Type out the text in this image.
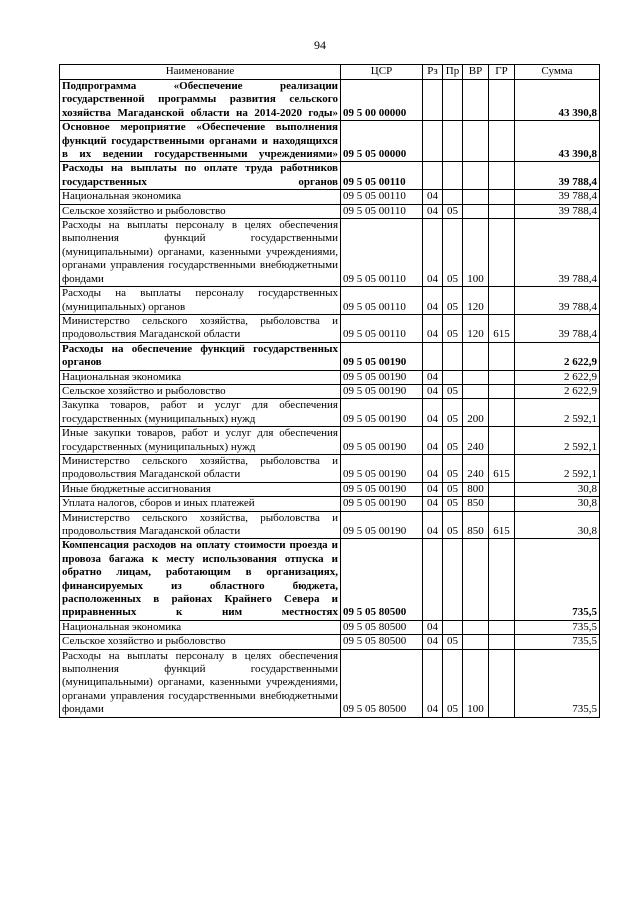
94
Наименование	ЦСР	Рз	Пр	ВР	ГР	Сумма
Подпрограмма «Обеспечение реализации государственной программы развития сельского хозяйства Магаданской области на 2014-2020 годы»	09 5 00 00000					43 390,8
Основное мероприятие «Обеспечение выполнения функций государственными органами и находящихся в их ведении государственными учреждениями»	09 5 05 00000					43 390,8
Расходы на выплаты по оплате труда работников государственных органов	09 5 05 00110					39 788,4
Национальная экономика	09 5 05 00110	04				39 788,4
Сельское хозяйство и рыболовство	09 5 05 00110	04	05			39 788,4
Расходы на выплаты персоналу в целях обеспечения выполнения функций государственными (муниципальными) органами, казенными учреждениями, органами управления государственными внебюджетными фондами	09 5 05 00110	04	05	100		39 788,4
Расходы на выплаты персоналу государственных (муниципальных) органов	09 5 05 00110	04	05	120		39 788,4
Министерство сельского хозяйства, рыболовства и продовольствия Магаданской области	09 5 05 00110	04	05	120	615	39 788,4
Расходы на обеспечение функций государственных органов	09 5 05 00190					2 622,9
Национальная экономика	09 5 05 00190	04				2 622,9
Сельское хозяйство и рыболовство	09 5 05 00190	04	05			2 622,9
Закупка товаров, работ и услуг для обеспечения государственных (муниципальных) нужд	09 5 05 00190	04	05	200		2 592,1
Иные закупки товаров, работ и услуг для обеспечения государственных (муниципальных) нужд	09 5 05 00190	04	05	240		2 592,1
Министерство сельского хозяйства, рыболовства и продовольствия Магаданской области	09 5 05 00190	04	05	240	615	2 592,1
Иные бюджетные ассигнования	09 5 05 00190	04	05	800		30,8
Уплата налогов, сборов и иных платежей	09 5 05 00190	04	05	850		30,8
Министерство сельского хозяйства, рыболовства и продовольствия Магаданской области	09 5 05 00190	04	05	850	615	30,8
Компенсация расходов на оплату стоимости проезда и провоза багажа к месту использования отпуска и обратно лицам, работающим в организациях, финансируемых из областного бюджета, расположенных в районах Крайнего Севера и приравненных к ним местностях	09 5 05 80500					735,5
Национальная экономика	09 5 05 80500	04				735,5
Сельское хозяйство и рыболовство	09 5 05 80500	04	05			735,5
Расходы на выплаты персоналу в целях обеспечения выполнения функций государственными (муниципальными) органами, казенными учреждениями, органами управления государственными внебюджетными фондами	09 5 05 80500	04	05	100		735,5
